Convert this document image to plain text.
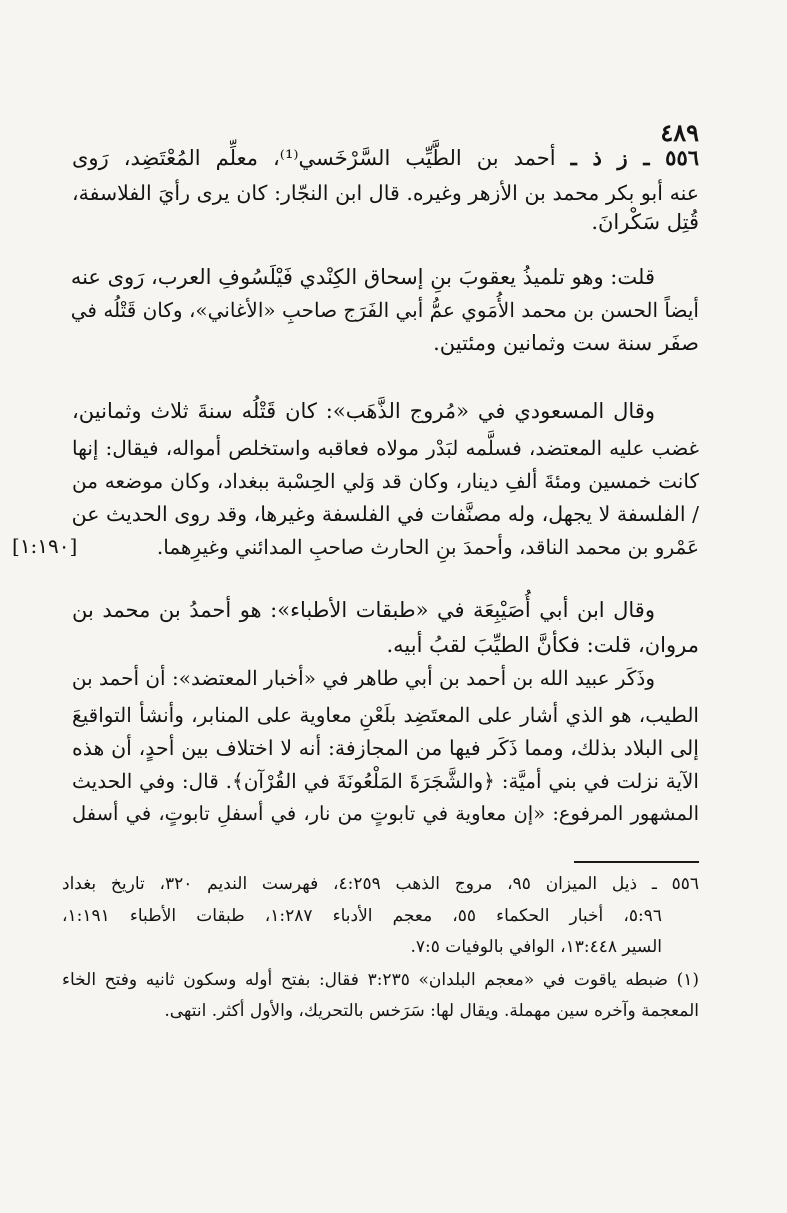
٤٨٩
٥٥٦ ـ ز ذ ـ أحمد بن الطَّيِّب السَّرْخَسي⁽¹⁾، معلِّم المُعْتَضِد، رَوى
عنه أبو بكر محمد بن الأزهر وغيره. قال ابن النجّار: كان يرى رأيَ الفلاسفة،
قُتِل سَكْرانَ.
قلت: وهو تلميذُ يعقوبَ بنِ إسحاق الكِنْدي فَيْلَسُوفِ العرب، رَوى عنه
أيضاً الحسن بن محمد الأُمَوي عمُّ أبي الفَرَج صاحبِ «الأغاني»، وكان قَتْلُه في
صفَر سنة ست وثمانين ومئتين.
وقال المسعودي في «مُروج الذَّهَب»: كان قَتْلُه سنةَ ثلاث وثمانين،
غضب عليه المعتضد، فسلَّمه لبَدْر مولاه فعاقبه واستخلص أمواله، فيقال: إنها
كانت خمسين ومئةَ ألفِ دينار، وكان قد وَلي الحِسْبة ببغداد، وكان موضعه من
/ الفلسفة لا يجهل، وله مصنَّفات في الفلسفة وغيرها، وقد روى الحديث عن
عَمْرو بن محمد الناقد، وأحمدَ بنِ الحارث صاحبِ المدائني وغيرِهما.
[١:١٩٠]
وقال ابن أبي أُصَيْبِعَة في «طبقات الأطباء»: هو أحمدُ بن محمد بن
مروان، قلت: فكأنَّ الطيِّبَ لقبُ أبيه.
وذَكَر عبيد الله بن أحمد بن أبي طاهر في «أخبار المعتضد»: أن أحمد بن
الطيب، هو الذي أشار على المعتَضِد بلَعْنِ معاوية على المنابر، وأنشأ التواقيعَ
إلى البلاد بذلك، ومما ذَكَر فيها من المجازفة: أنه لا اختلاف بين أحدٍ، أن هذه
الآية نزلت في بني أميَّة: ﴿والشَّجَرَةَ المَلْعُونَةَ في القُرْآن﴾. قال: وفي الحديث
المشهور المرفوع: «إن معاوية في تابوتٍ من نار، في أسفلِ تابوتٍ، في أسفل
٥٥٦ ـ ذيل الميزان ٩٥، مروج الذهب ٤:٢٥٩، فهرست النديم ٣٢٠، تاريخ بغداد
٥:٩٦، أخبار الحكماء ٥٥، معجم الأدباء ١:٢٨٧، طبقات الأطباء ١:١٩١،
السير ١٣:٤٤٨، الوافي بالوفيات ٧:٥.
(١) ضبطه ياقوت في «معجم البلدان» ٣:٢٣٥ فقال: بفتح أوله وسكون ثانيه وفتح الخاء
المعجمة وآخره سين مهملة. ويقال لها: سَرَخس بالتحريك، والأول أكثر. انتهى.
